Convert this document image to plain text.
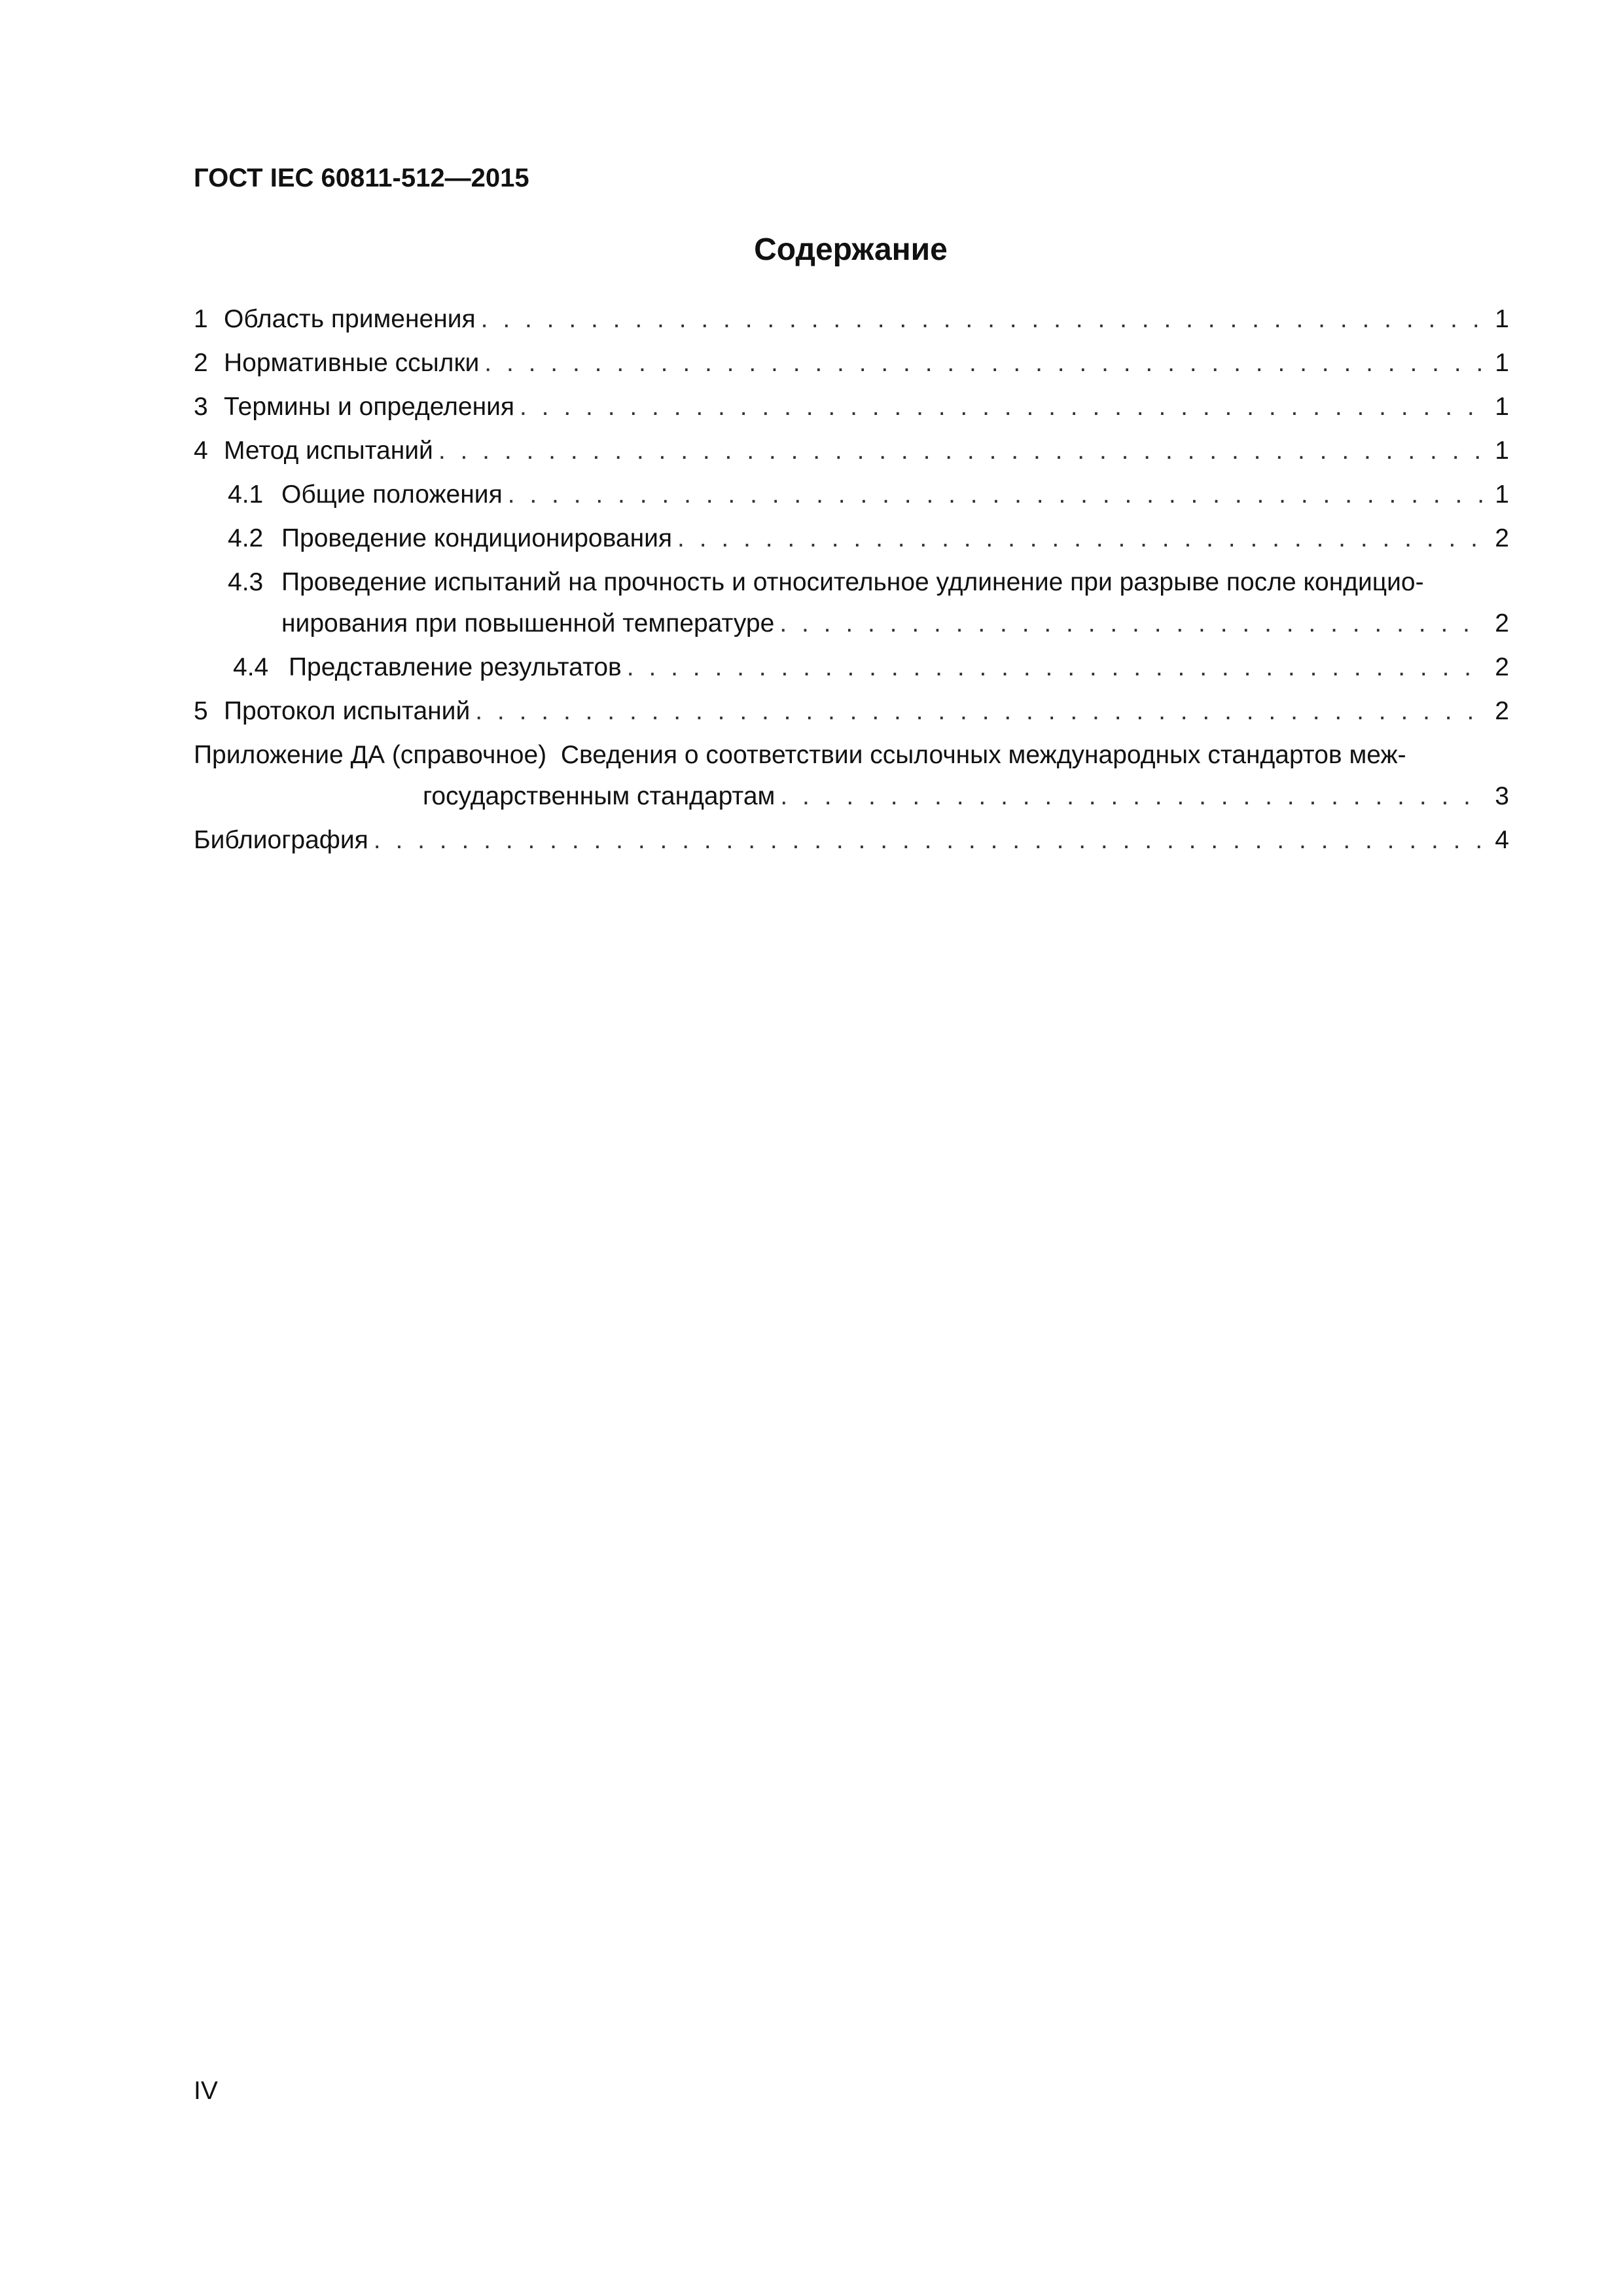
ГОСТ IEC 60811-512—2015
Содержание
1 Область применения . . .	1
2 Нормативные ссылки . . .	1
3 Термины и определения . . .	1
4 Метод испытаний . . .	1
4.1 Общие положения . . .	1
4.2 Проведение кондиционирования . . .	2
4.3 Проведение испытаний на прочность и относительное удлинение при разрыве после кондицио-
нирования при повышенной температуре . . .	2
4.4 Представление результатов . . .	2
5 Протокол испытаний . . .	2
Приложение ДА (справочное)  Сведения о соответствии ссылочных международных стандартов меж-
государственным стандартам . . .	3
Библиография . . .	4
IV
